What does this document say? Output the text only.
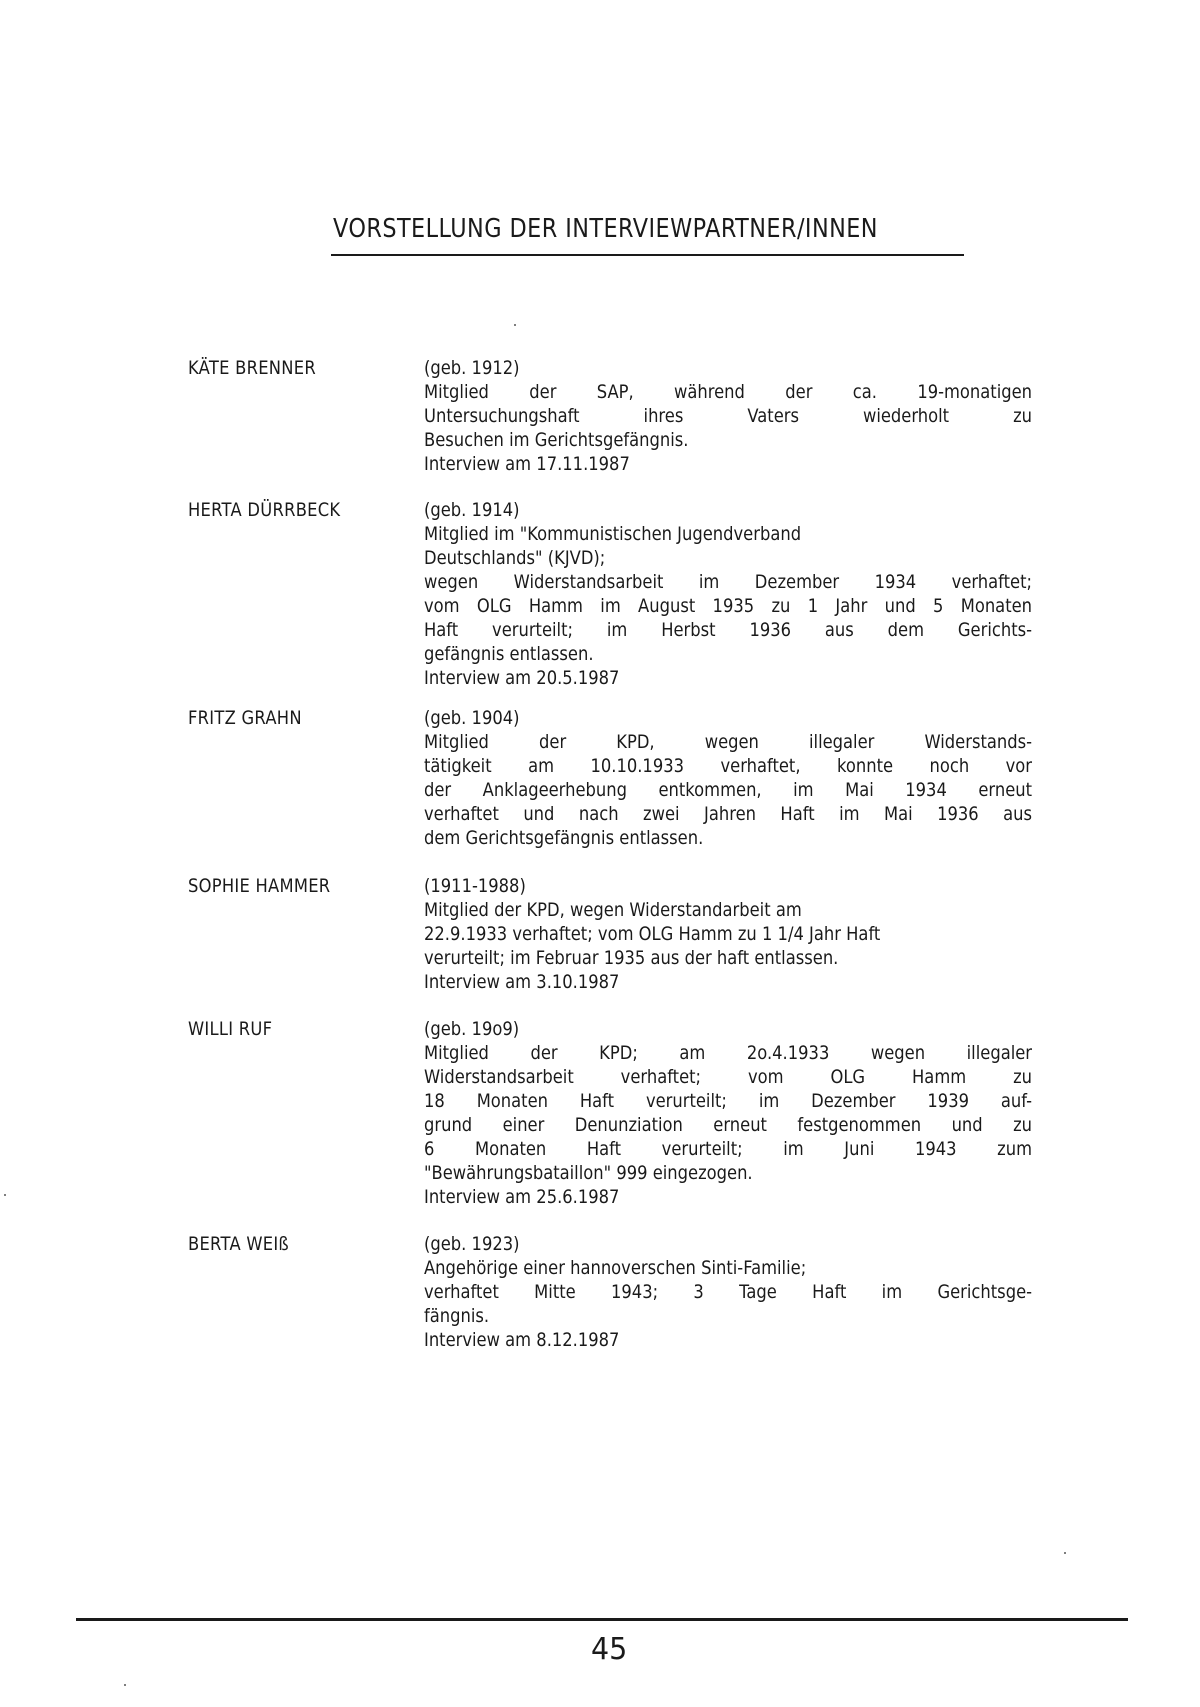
VORSTELLUNG DER INTERVIEWPARTNER/INNEN
KÄTE BRENNER	(geb. 1912)
Mitglied der SAP, während der ca. 19-monatigen
Untersuchungshaft ihres Vaters wiederholt zu
Besuchen im Gerichtsgefängnis.
Interview am 17.11.1987
HERTA DÜRRBECK	(geb. 1914)
Mitglied im "Kommunistischen Jugendverband
Deutschlands" (KJVD);
wegen Widerstandsarbeit im Dezember 1934 verhaftet;
vom OLG Hamm im August 1935 zu 1 Jahr und 5 Monaten
Haft verurteilt; im Herbst 1936 aus dem Gerichts-
gefängnis entlassen.
Interview am 20.5.1987
FRITZ GRAHN	(geb. 1904)
Mitglied der KPD, wegen illegaler Widerstands-
tätigkeit am 10.10.1933 verhaftet, konnte noch vor
der Anklageerhebung entkommen, im Mai 1934 erneut
verhaftet und nach zwei Jahren Haft im Mai 1936 aus
dem Gerichtsgefängnis entlassen.
SOPHIE HAMMER	(1911-1988)
Mitglied der KPD, wegen Widerstandarbeit am
22.9.1933 verhaftet; vom OLG Hamm zu 1 1/4 Jahr Haft
verurteilt; im Februar 1935 aus der haft entlassen.
Interview am 3.10.1987
WILLI RUF	(geb. 19o9)
Mitglied der KPD; am 2o.4.1933 wegen illegaler
Widerstandsarbeit verhaftet; vom OLG Hamm zu
18 Monaten Haft verurteilt; im Dezember 1939 auf-
grund einer Denunziation erneut festgenommen und zu
6 Monaten Haft verurteilt; im Juni 1943 zum
"Bewährungsbataillon" 999 eingezogen.
Interview am 25.6.1987
BERTA WEIß	(geb. 1923)
Angehörige einer hannoverschen Sinti-Familie;
verhaftet Mitte 1943; 3 Tage Haft im Gerichtsge-
fängnis.
Interview am 8.12.1987
45
